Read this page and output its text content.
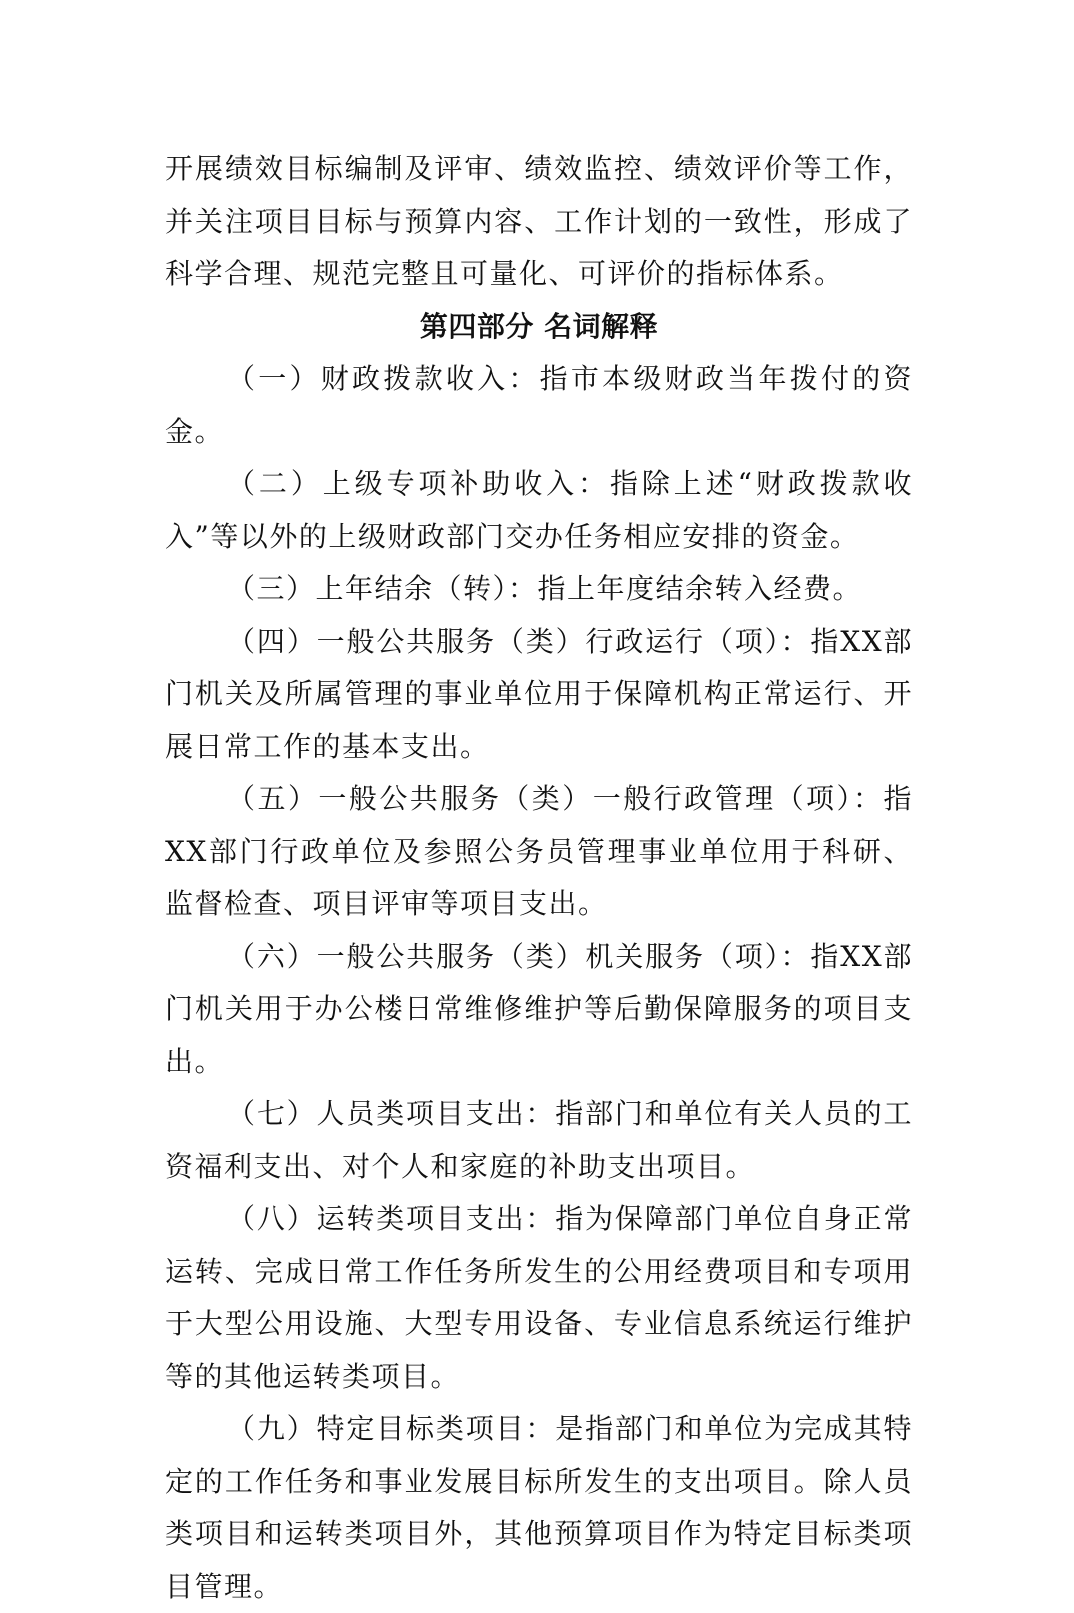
开展绩效目标编制及评审、绩效监控、绩效评价等工作，并关注项目目标与预算内容、工作计划的一致性，形成了科学合理、规范完整且可量化、可评价的指标体系。

第四部分 名词解释

（一）财政拨款收入：指市本级财政当年拨付的资金。

（二）上级专项补助收入：指除上述“财政拨款收入”等以外的上级财政部门交办任务相应安排的资金。

（三）上年结余（转）：指上年度结余转入经费。

（四）一般公共服务（类）行政运行（项）：指XX部门机关及所属管理的事业单位用于保障机构正常运行、开展日常工作的基本支出。

（五）一般公共服务（类）一般行政管理（项）：指XX部门行政单位及参照公务员管理事业单位用于科研、监督检查、项目评审等项目支出。

（六）一般公共服务（类）机关服务（项）：指XX部门机关用于办公楼日常维修维护等后勤保障服务的项目支出。

（七）人员类项目支出：指部门和单位有关人员的工资福利支出、对个人和家庭的补助支出项目。

（八）运转类项目支出：指为保障部门单位自身正常运转、完成日常工作任务所发生的公用经费项目和专项用于大型公用设施、大型专用设备、专业信息系统运行维护等的其他运转类项目。

（九）特定目标类项目：是指部门和单位为完成其特定的工作任务和事业发展目标所发生的支出项目。除人员类项目和运转类项目外，其他预算项目作为特定目标类项目管理。
